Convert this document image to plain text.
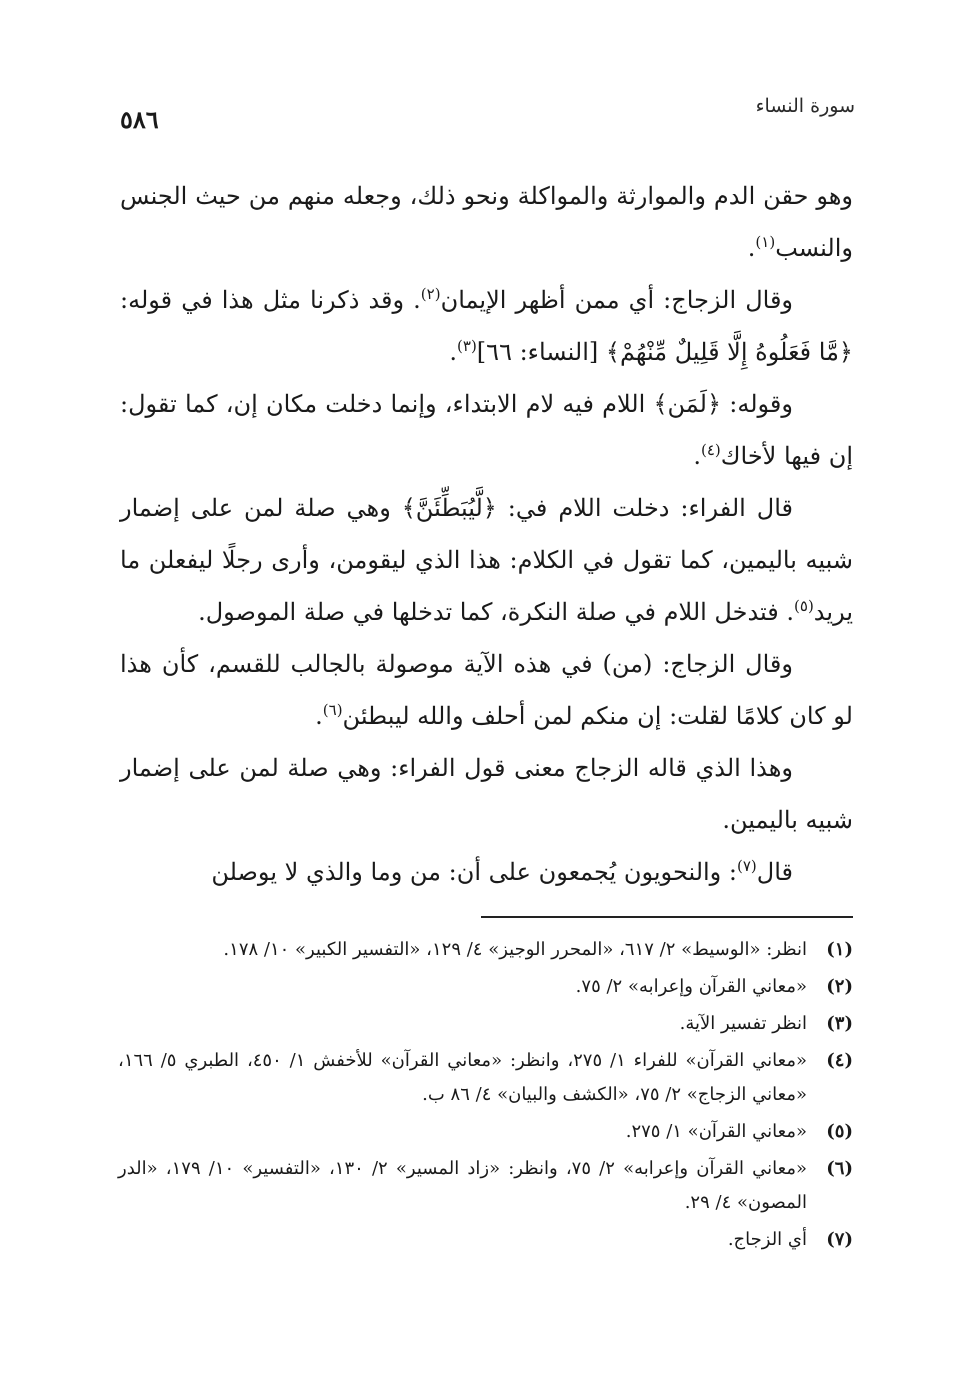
سورة النساء
٥٨٦

وهو حقن الدم والموارثة والمواكلة ونحو ذلك، وجعله منهم من حيث الجنس والنسب$^{(١)}$.

وقال الزجاج: أي ممن أظهر الإيمان$^{(٢)}$. وقد ذكرنا مثل هذا في قوله: ﴿مَّا فَعَلُوهُ إِلَّا قَلِيلٌ مِّنْهُمْ﴾ [النساء: ٦٦]$^{(٣)}$.

وقوله: ﴿لَمَن﴾ اللام فيه لام الابتداء، وإنما دخلت مكان إن، كما تقول: إن فيها لأخاك$^{(٤)}$.

قال الفراء: دخلت اللام في: ﴿لَّيُبَطِّئَنَّ﴾ وهي صلة لمن على إضمار شبيه باليمين، كما تقول في الكلام: هذا الذي ليقومن، وأرى رجلًا ليفعلن ما يريد$^{(٥)}$. فتدخل اللام في صلة النكرة، كما تدخلها في صلة الموصول.

وقال الزجاج: (من) في هذه الآية موصولة بالجالب للقسم، كأن هذا لو كان كلامًا لقلت: إن منكم لمن أحلف والله ليبطئن$^{(٦)}$.

وهذا الذي قاله الزجاج معنى قول الفراء: وهي صلة لمن على إضمار شبيه باليمين.

قال$^{(٧)}$: والنحويون يُجمعون على أن: من وما والذي لا يوصلن

(١)
انظر: «الوسيط» ٢/ ٦١٧، «المحرر الوجيز» ٤/ ١٢٩، «التفسير الكبير» ١٠/ ١٧٨.
(٢)
«معاني القرآن وإعرابه» ٢/ ٧٥.
(٣)
انظر تفسير الآية.
(٤)
«معاني القرآن» للفراء ١/ ٢٧٥، وانظر: «معاني القرآن» للأخفش ١/ ٤٥٠، الطبري ٥/ ١٦٦، «معاني الزجاج» ٢/ ٧٥، «الكشف والبيان» ٤/ ٨٦ ب.
(٥)
«معاني القرآن» ١/ ٢٧٥.
(٦)
«معاني القرآن وإعرابه» ٢/ ٧٥، وانظر: «زاد المسير» ٢/ ١٣٠، «التفسير» ١٠/ ١٧٩، «الدر المصون» ٤/ ٢٩.
(٧)
أي الزجاج.
